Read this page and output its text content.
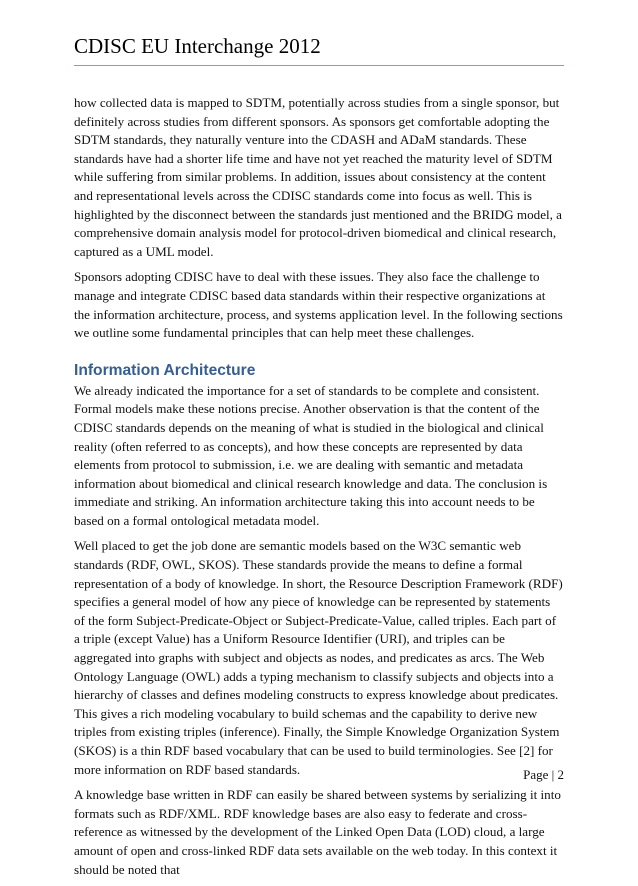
CDISC EU Interchange 2012

how collected data is mapped to SDTM, potentially across studies from a single sponsor, but definitely across studies from different sponsors. As sponsors get comfortable adopting the SDTM standards, they naturally venture into the CDASH and ADaM standards. These standards have had a shorter life time and have not yet reached the maturity level of SDTM while suffering from similar problems. In addition, issues about consistency at the content and representational levels across the CDISC standards come into focus as well. This is highlighted by the disconnect between the standards just mentioned and the BRIDG model, a comprehensive domain analysis model for protocol-driven biomedical and clinical research, captured as a UML model.

Sponsors adopting CDISC have to deal with these issues. They also face the challenge to manage and integrate CDISC based data standards within their respective organizations at the information architecture, process, and systems application level. In the following sections we outline some fundamental principles that can help meet these challenges.

Information Architecture

We already indicated the importance for a set of standards to be complete and consistent. Formal models make these notions precise. Another observation is that the content of the CDISC standards depends on the meaning of what is studied in the biological and clinical reality (often referred to as concepts), and how these concepts are represented by data elements from protocol to submission, i.e. we are dealing with semantic and metadata information about biomedical and clinical research knowledge and data. The conclusion is immediate and striking. An information architecture taking this into account needs to be based on a formal ontological metadata model.

Well placed to get the job done are semantic models based on the W3C semantic web standards (RDF, OWL, SKOS). These standards provide the means to define a formal representation of a body of knowledge. In short, the Resource Description Framework (RDF) specifies a general model of how any piece of knowledge can be represented by statements of the form Subject-Predicate-Object or Subject-Predicate-Value, called triples. Each part of a triple (except Value) has a Uniform Resource Identifier (URI), and triples can be aggregated into graphs with subject and objects as nodes, and predicates as arcs. The Web Ontology Language (OWL) adds a typing mechanism to classify subjects and objects into a hierarchy of classes and defines modeling constructs to express knowledge about predicates. This gives a rich modeling vocabulary to build schemas and the capability to derive new triples from existing triples (inference). Finally, the Simple Knowledge Organization System (SKOS) is a thin RDF based vocabulary that can be used to build terminologies. See [2] for more information on RDF based standards.

A knowledge base written in RDF can easily be shared between systems by serializing it into formats such as RDF/XML. RDF knowledge bases are also easy to federate and cross-reference as witnessed by the development of the Linked Open Data (LOD) cloud, a large amount of open and cross-linked RDF data sets available on the web today. In this context it should be noted that

Page | 2
